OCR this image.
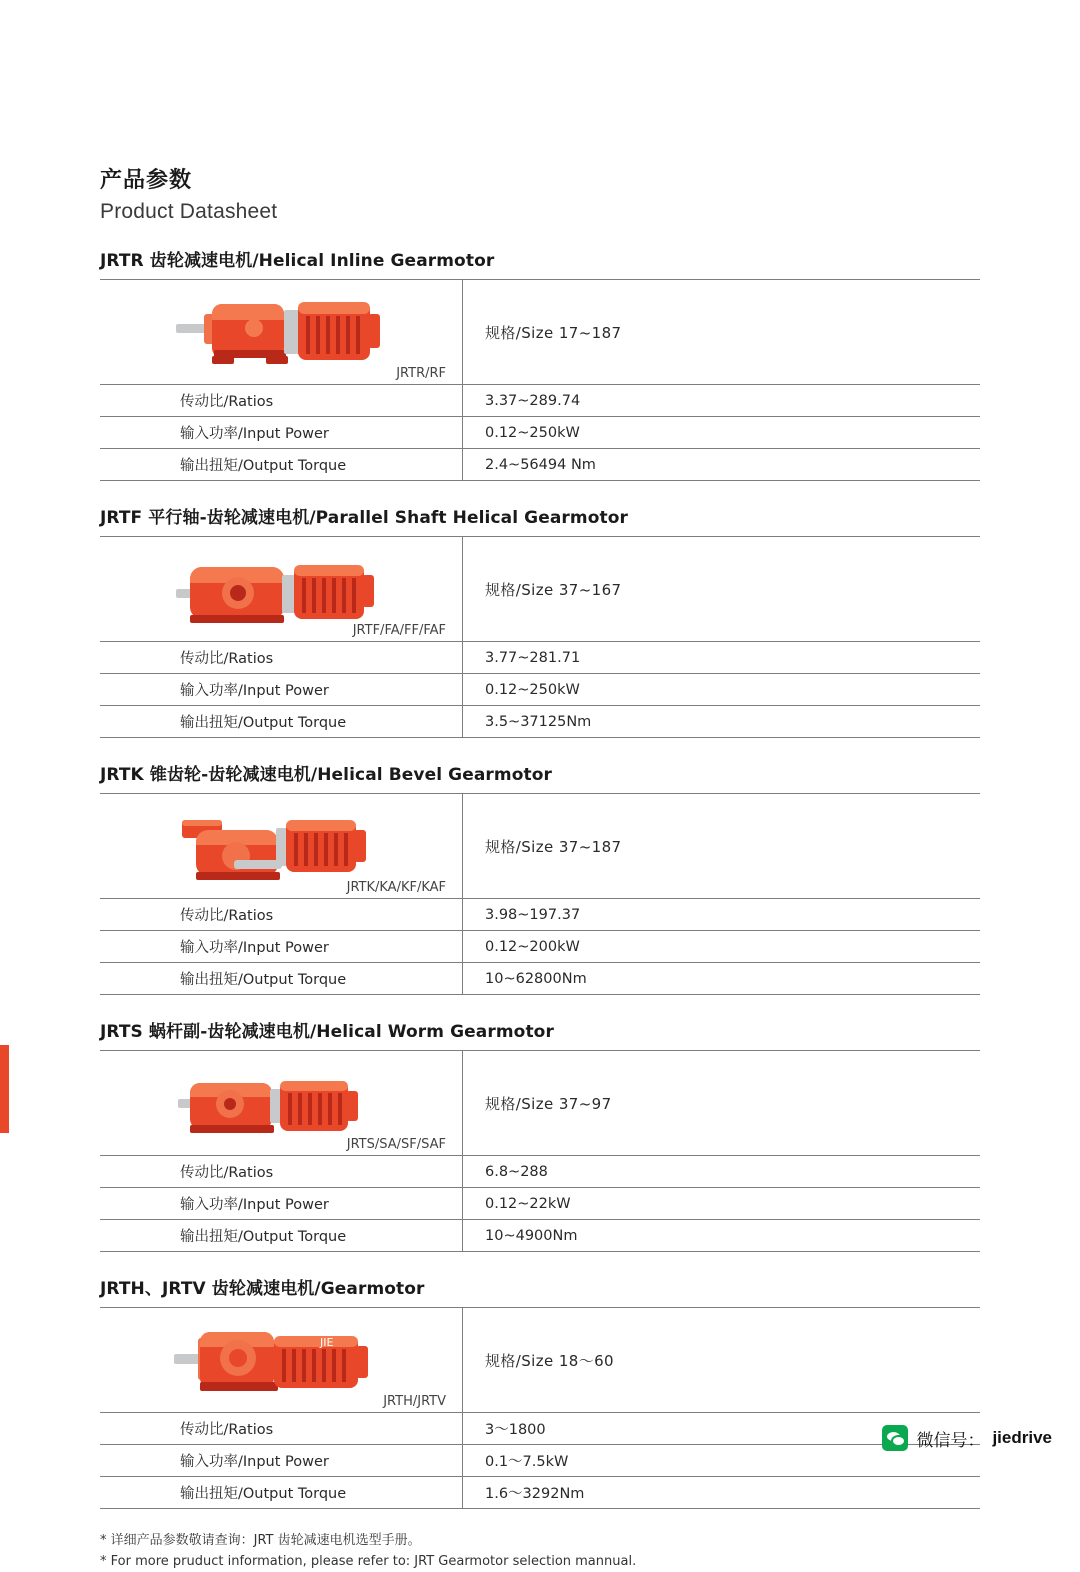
产品参数
Product Datasheet
JRTR 齿轮减速电机/Helical Inline Gearmotor
JRTR/RF	规格/Size 17~187
传动比/Ratios	3.37~289.74
输入功率/Input Power	0.12~250kW
输出扭矩/Output Torque	2.4~56494 Nm
JRTF 平行轴-齿轮减速电机/Parallel Shaft Helical Gearmotor
JRTF/FA/FF/FAF	规格/Size 37~167
传动比/Ratios	3.77~281.71
输入功率/Input Power	0.12~250kW
输出扭矩/Output Torque	3.5~37125Nm
JRTK 锥齿轮-齿轮减速电机/Helical Bevel Gearmotor
JRTK/KA/KF/KAF	规格/Size 37~187
传动比/Ratios	3.98~197.37
输入功率/Input Power	0.12~200kW
输出扭矩/Output Torque	10~62800Nm
JRTS 蜗杆副-齿轮减速电机/Helical Worm Gearmotor
JRTS/SA/SF/SAF	规格/Size 37~97
传动比/Ratios	6.8~288
输入功率/Input Power	0.12~22kW
输出扭矩/Output Torque	10~4900Nm
JRTH、JRTV 齿轮减速电机/Gearmotor
JIE
JRTH/JRTV	规格/Size 18～60
传动比/Ratios	3～1800
输入功率/Input Power	0.1～7.5kW
输出扭矩/Output Torque	1.6～3292Nm
* 详细产品参数敬请查询：JRT 齿轮减速电机选型手册。
* For more pruduct information, please refer to: JRT Gearmotor selection mannual.
微信号： jiedrive
